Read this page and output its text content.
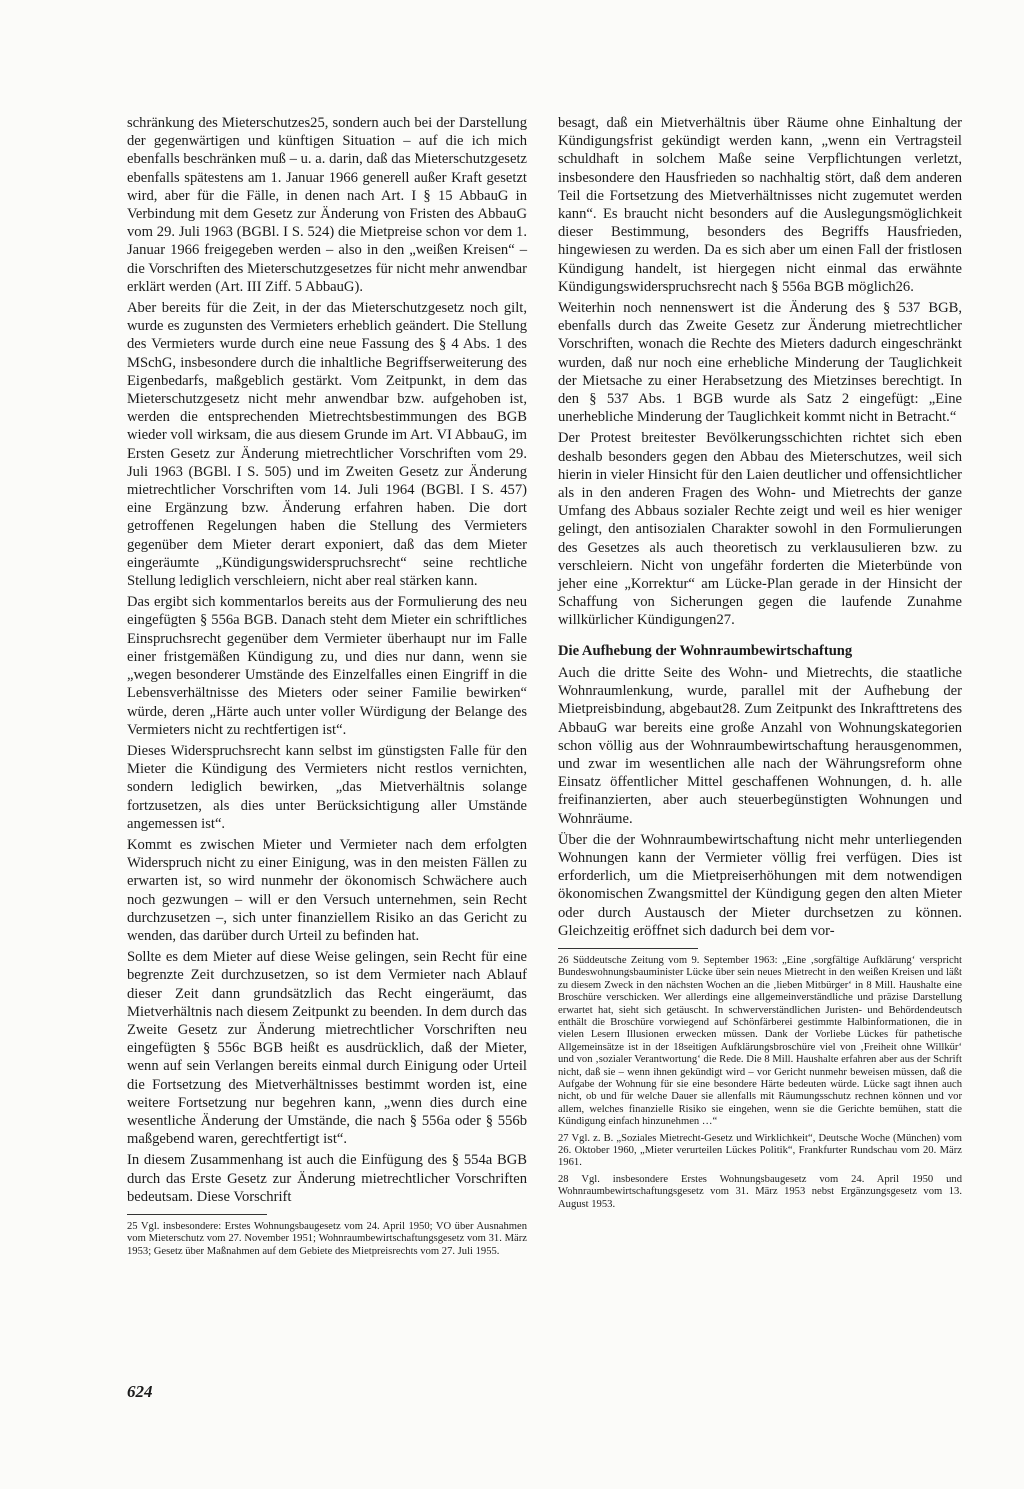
schränkung des Mieterschutzes25, sondern auch bei der Darstellung der gegenwärtigen und künftigen Situation – auf die ich mich ebenfalls beschränken muß – u. a. darin, daß das Mieterschutzgesetz ebenfalls spätestens am 1. Januar 1966 generell außer Kraft gesetzt wird, aber für die Fälle, in denen nach Art. I § 15 AbbauG in Verbindung mit dem Gesetz zur Änderung von Fristen des AbbauG vom 29. Juli 1963 (BGBl. I S. 524) die Mietpreise schon vor dem 1. Januar 1966 freigegeben werden – also in den „weißen Kreisen“ – die Vorschriften des Mieterschutzgesetzes für nicht mehr anwendbar erklärt werden (Art. III Ziff. 5 AbbauG).

Aber bereits für die Zeit, in der das Mieterschutzgesetz noch gilt, wurde es zugunsten des Vermieters erheblich geändert. Die Stellung des Vermieters wurde durch eine neue Fassung des § 4 Abs. 1 des MSchG, insbesondere durch die inhaltliche Begriffserweiterung des Eigenbedarfs, maßgeblich gestärkt. Vom Zeitpunkt, in dem das Mieterschutzgesetz nicht mehr anwendbar bzw. aufgehoben ist, werden die entsprechenden Mietrechtsbestimmungen des BGB wieder voll wirksam, die aus diesem Grunde im Art. VI AbbauG, im Ersten Gesetz zur Änderung mietrechtlicher Vorschriften vom 29. Juli 1963 (BGBl. I S. 505) und im Zweiten Gesetz zur Änderung mietrechtlicher Vorschriften vom 14. Juli 1964 (BGBl. I S. 457) eine Ergänzung bzw. Änderung erfahren haben. Die dort getroffenen Regelungen haben die Stellung des Vermieters gegenüber dem Mieter derart exponiert, daß das dem Mieter eingeräumte „Kündigungswiderspruchsrecht“ seine rechtliche Stellung lediglich verschleiern, nicht aber real stärken kann.

Das ergibt sich kommentarlos bereits aus der Formulierung des neu eingefügten § 556a BGB. Danach steht dem Mieter ein schriftliches Einspruchsrecht gegenüber dem Vermieter überhaupt nur im Falle einer fristgemäßen Kündigung zu, und dies nur dann, wenn sie „wegen besonderer Umstände des Einzelfalles einen Eingriff in die Lebensverhältnisse des Mieters oder seiner Familie bewirken“ würde, deren „Härte auch unter voller Würdigung der Belange des Vermieters nicht zu rechtfertigen ist“.

Dieses Widerspruchsrecht kann selbst im günstigsten Falle für den Mieter die Kündigung des Vermieters nicht restlos vernichten, sondern lediglich bewirken, „das Mietverhältnis solange fortzusetzen, als dies unter Berücksichtigung aller Umstände angemessen ist“.

Kommt es zwischen Mieter und Vermieter nach dem erfolgten Widerspruch nicht zu einer Einigung, was in den meisten Fällen zu erwarten ist, so wird nunmehr der ökonomisch Schwächere auch noch gezwungen – will er den Versuch unternehmen, sein Recht durchzusetzen –, sich unter finanziellem Risiko an das Gericht zu wenden, das darüber durch Urteil zu befinden hat.

Sollte es dem Mieter auf diese Weise gelingen, sein Recht für eine begrenzte Zeit durchzusetzen, so ist dem Vermieter nach Ablauf dieser Zeit dann grundsätzlich das Recht eingeräumt, das Mietverhältnis nach diesem Zeitpunkt zu beenden. In dem durch das Zweite Gesetz zur Änderung mietrechtlicher Vorschriften neu eingefügten § 556c BGB heißt es ausdrücklich, daß der Mieter, wenn auf sein Verlangen bereits einmal durch Einigung oder Urteil die Fortsetzung des Mietverhältnisses bestimmt worden ist, eine weitere Fortsetzung nur begehren kann, „wenn dies durch eine wesentliche Änderung der Umstände, die nach § 556a oder § 556b maßgebend waren, gerechtfertigt ist“.

In diesem Zusammenhang ist auch die Einfügung des § 554a BGB durch das Erste Gesetz zur Änderung mietrechtlicher Vorschriften bedeutsam. Diese Vorschrift

25 Vgl. insbesondere: Erstes Wohnungsbaugesetz vom 24. April 1950; VO über Ausnahmen vom Mieterschutz vom 27. November 1951; Wohnraumbewirtschaftungsgesetz vom 31. März 1953; Gesetz über Maßnahmen auf dem Gebiete des Mietpreisrechts vom 27. Juli 1955.

besagt, daß ein Mietverhältnis über Räume ohne Einhaltung der Kündigungsfrist gekündigt werden kann, „wenn ein Vertragsteil schuldhaft in solchem Maße seine Verpflichtungen verletzt, insbesondere den Hausfrieden so nachhaltig stört, daß dem anderen Teil die Fortsetzung des Mietverhältnisses nicht zugemutet werden kann“. Es braucht nicht besonders auf die Auslegungsmöglichkeit dieser Bestimmung, besonders des Begriffs Hausfrieden, hingewiesen zu werden. Da es sich aber um einen Fall der fristlosen Kündigung handelt, ist hiergegen nicht einmal das erwähnte Kündigungswiderspruchsrecht nach § 556a BGB möglich26.

Weiterhin noch nennenswert ist die Änderung des § 537 BGB, ebenfalls durch das Zweite Gesetz zur Änderung mietrechtlicher Vorschriften, wonach die Rechte des Mieters dadurch eingeschränkt wurden, daß nur noch eine erhebliche Minderung der Tauglichkeit der Mietsache zu einer Herabsetzung des Mietzinses berechtigt. In den § 537 Abs. 1 BGB wurde als Satz 2 eingefügt: „Eine unerhebliche Minderung der Tauglichkeit kommt nicht in Betracht.“

Der Protest breitester Bevölkerungsschichten richtet sich eben deshalb besonders gegen den Abbau des Mieterschutzes, weil sich hierin in vieler Hinsicht für den Laien deutlicher und offensichtlicher als in den anderen Fragen des Wohn- und Mietrechts der ganze Umfang des Abbaus sozialer Rechte zeigt und weil es hier weniger gelingt, den antisozialen Charakter sowohl in den Formulierungen des Gesetzes als auch theoretisch zu verklausulieren bzw. zu verschleiern. Nicht von ungefähr forderten die Mieterbünde von jeher eine „Korrektur“ am Lücke-Plan gerade in der Hinsicht der Schaffung von Sicherungen gegen die laufende Zunahme willkürlicher Kündigungen27.

Die Aufhebung der Wohnraumbewirtschaftung

Auch die dritte Seite des Wohn- und Mietrechts, die staatliche Wohnraumlenkung, wurde, parallel mit der Aufhebung der Mietpreisbindung, abgebaut28. Zum Zeitpunkt des Inkrafttretens des AbbauG war bereits eine große Anzahl von Wohnungskategorien schon völlig aus der Wohnraumbewirtschaftung herausgenommen, und zwar im wesentlichen alle nach der Währungsreform ohne Einsatz öffentlicher Mittel geschaffenen Wohnungen, d. h. alle freifinanzierten, aber auch steuerbegünstigten Wohnungen und Wohnräume.

Über die der Wohnraumbewirtschaftung nicht mehr unterliegenden Wohnungen kann der Vermieter völlig frei verfügen. Dies ist erforderlich, um die Mietpreiserhöhungen mit dem notwendigen ökonomischen Zwangsmittel der Kündigung gegen den alten Mieter oder durch Austausch der Mieter durchsetzen zu können. Gleichzeitig eröffnet sich dadurch bei dem vor-

26 Süddeutsche Zeitung vom 9. September 1963: „Eine ‚sorgfältige Aufklärung‘ verspricht Bundeswohnungsbauminister Lücke über sein neues Mietrecht in den weißen Kreisen und läßt zu diesem Zweck in den nächsten Wochen an die ‚lieben Mitbürger‘ in 8 Mill. Haushalte eine Broschüre verschicken. Wer allerdings eine allgemeinverständliche und präzise Darstellung erwartet hat, sieht sich getäuscht. In schwerverständlichen Juristen- und Behördendeutsch enthält die Broschüre vorwiegend auf Schönfärberei gestimmte Halbinformationen, die in vielen Lesern Illusionen erwecken müssen. Dank der Vorliebe Lückes für pathetische Allgemeinsätze ist in der 18seitigen Aufklärungsbroschüre viel von ‚Freiheit ohne Willkür‘ und von ‚sozialer Verantwortung‘ die Rede. Die 8 Mill. Haushalte erfahren aber aus der Schrift nicht, daß sie – wenn ihnen gekündigt wird – vor Gericht nunmehr beweisen müssen, daß die Aufgabe der Wohnung für sie eine besondere Härte bedeuten würde. Lücke sagt ihnen auch nicht, ob und für welche Dauer sie allenfalls mit Räumungsschutz rechnen können und vor allem, welches finanzielle Risiko sie eingehen, wenn sie die Gerichte bemühen, statt die Kündigung einfach hinzunehmen …“

27 Vgl. z. B. „Soziales Mietrecht-Gesetz und Wirklichkeit“, Deutsche Woche (München) vom 26. Oktober 1960, „Mieter verurteilen Lückes Politik“, Frankfurter Rundschau vom 20. März 1961.

28 Vgl. insbesondere Erstes Wohnungsbaugesetz vom 24. April 1950 und Wohnraumbewirtschaftungsgesetz vom 31. März 1953 nebst Ergänzungsgesetz vom 13. August 1953.

624
